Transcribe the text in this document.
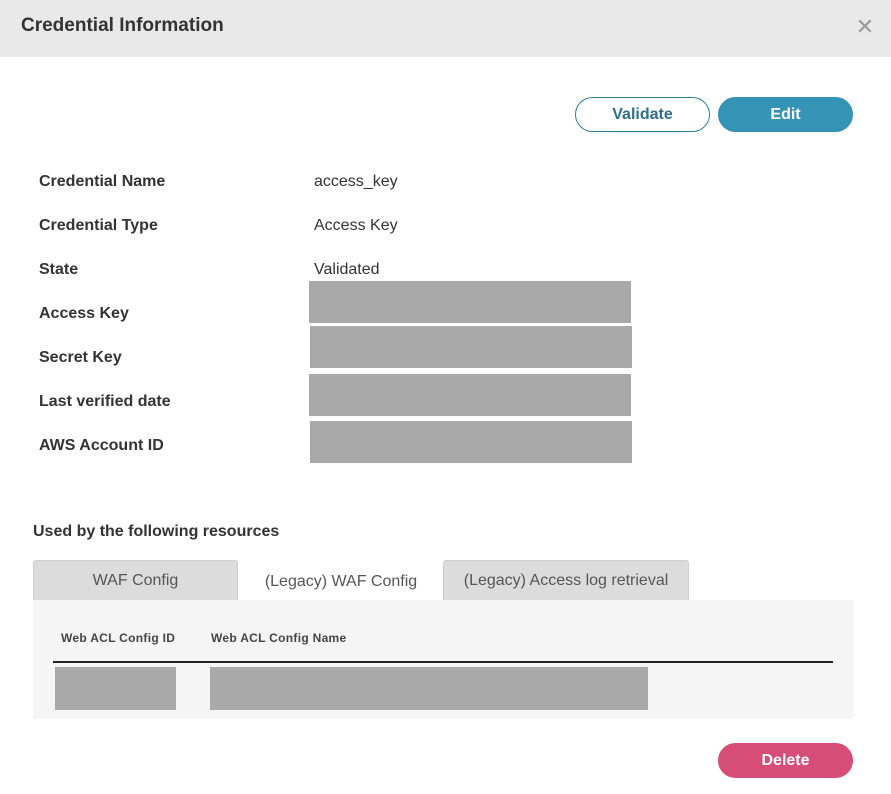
Credential Information	✕
Validate	Edit
Credential Name	access_key
Credential Type	Access Key
State	Validated
Access Key
Secret Key
Last verified date
AWS Account ID
Used by the following resources
WAF Config	(Legacy) WAF Config	(Legacy) Access log retrieval
Web ACL Config ID	Web ACL Config Name
Delete
